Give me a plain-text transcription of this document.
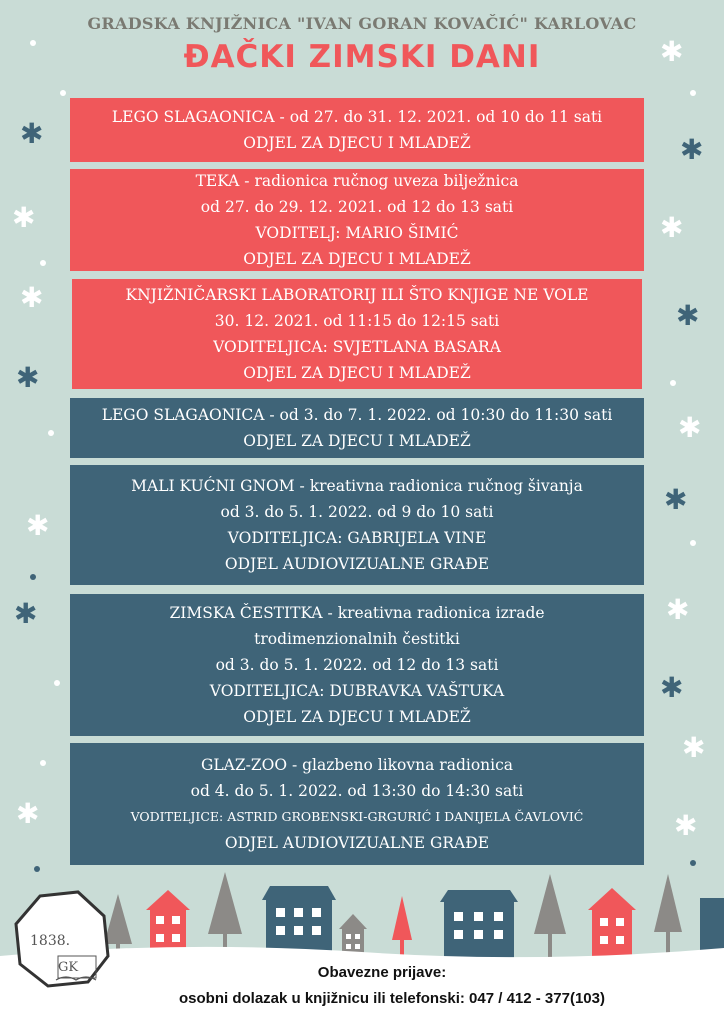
✱
✱	✱
✱	✱
✱
✱
✱
✱
✱
✱
✱	✱
✱
✱
✱	✱
GRADSKA KNJIŽNICA "IVAN GORAN KOVAČIĆ" KARLOVAC
ĐAČKI ZIMSKI DANI
LEGO SLAGAONICA - od 27. do 31. 12. 2021. od 10 do 11 sati
ODJEL ZA DJECU I MLADEŽ
TEKA - radionica ručnog uveza bilježnica
od 27. do 29. 12. 2021. od 12 do 13 sati
VODITELJ: MARIO ŠIMIĆ
ODJEL ZA DJECU I MLADEŽ
KNJIŽNIČARSKI LABORATORIJ ILI ŠTO KNJIGE NE VOLE
30. 12. 2021. od 11:15 do 12:15 sati
VODITELJICA: SVJETLANA BASARA
ODJEL ZA DJECU I MLADEŽ
LEGO SLAGAONICA - od 3. do 7. 1. 2022. od 10:30 do 11:30 sati
ODJEL ZA DJECU I MLADEŽ
MALI KUĆNI GNOM - kreativna radionica ručnog šivanja
od 3. do 5. 1. 2022. od 9 do 10 sati
VODITELJICA: GABRIJELA VINE
ODJEL AUDIOVIZUALNE GRAĐE
ZIMSKA ČESTITKA - kreativna radionica izrade
trodimenzionalnih čestitki
od 3. do 5. 1. 2022. od 12 do 13 sati
VODITELJICA: DUBRAVKA VAŠTUKA
ODJEL ZA DJECU I MLADEŽ
GLAZ-ZOO - glazbeno likovna radionica
od 4. do 5. 1. 2022. od 13:30 do 14:30 sati
VODITELJICE: ASTRID GROBENSKI-GRGURIĆ I DANIJELA ČAVLOVIĆ
ODJEL AUDIOVIZUALNE GRAĐE
1838.
GK	Obavezne prijave:
osobni dolazak u knjižnicu ili telefonski: 047 / 412 - 377(103)
